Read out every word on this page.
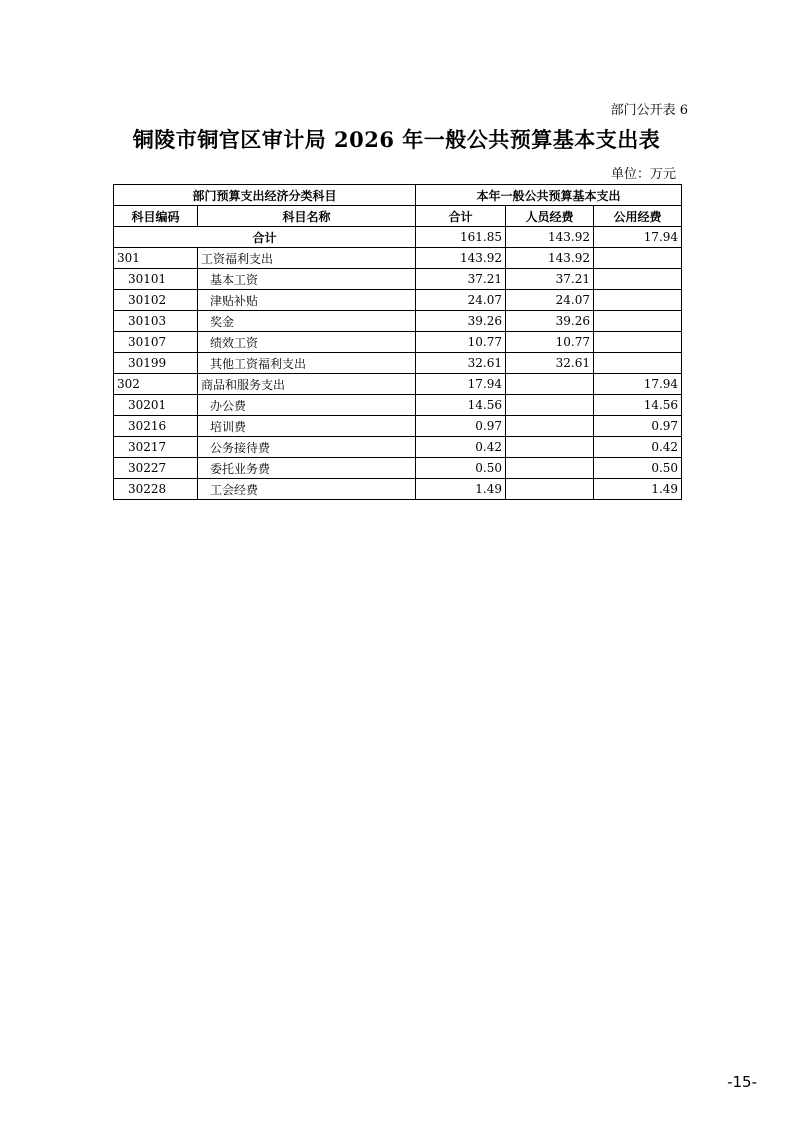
部门公开表 6
铜陵市铜官区审计局 2026 年一般公共预算基本支出表
单位：万元
部门预算支出经济分类科目		本年一般公共预算基本支出		
科目编码	科目名称	合计	人员经费	公用经费
合计		161.85	143.92	17.94
301	工资福利支出	143.92	143.92	
30101	基本工资	37.21	37.21	
30102	津贴补贴	24.07	24.07	
30103	奖金	39.26	39.26	
30107	绩效工资	10.77	10.77	
30199	其他工资福利支出	32.61	32.61	
302	商品和服务支出	17.94		17.94
30201	办公费	14.56		14.56
30216	培训费	0.97		0.97
30217	公务接待费	0.42		0.42
30227	委托业务费	0.50		0.50
30228	工会经费	1.49		1.49
-15-
